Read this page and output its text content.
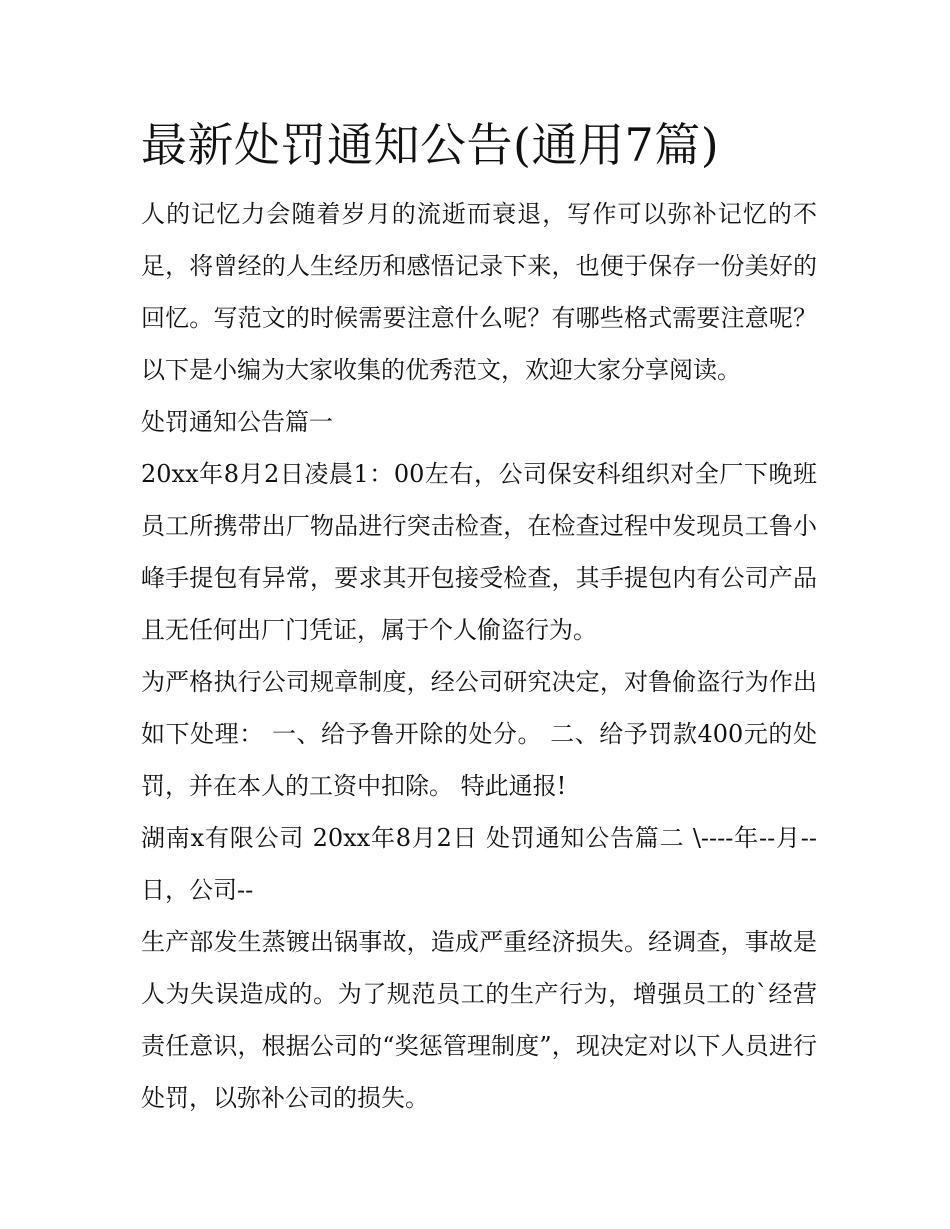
最新处罚通知公告(通用7篇)

人的记忆力会随着岁月的流逝而衰退，写作可以弥补记忆的不足，将曾经的人生经历和感悟记录下来，也便于保存一份美好的回忆。写范文的时候需要注意什么呢？有哪些格式需要注意呢？以下是小编为大家收集的优秀范文，欢迎大家分享阅读。

处罚通知公告篇一

20xx年8月2日凌晨1：00左右，公司保安科组织对全厂下晚班员工所携带出厂物品进行突击检查，在检查过程中发现员工鲁小峰手提包有异常，要求其开包接受检查，其手提包内有公司产品且无任何出厂门凭证，属于个人偷盗行为。

为严格执行公司规章制度，经公司研究决定，对鲁偷盗行为作出如下处理： 一、给予鲁开除的处分。 二、给予罚款400元的处罚，并在本人的工资中扣除。 特此通报!

湖南x有限公司 20xx年8月2日 处罚通知公告篇二 \----年--月--日，公司--

生产部发生蒸镀出锅事故，造成严重经济损失。经调查，事故是人为失误造成的。为了规范员工的生产行为，增强员工的`经营责任意识，根据公司的“奖惩管理制度”，现决定对以下人员进行处罚，以弥补公司的损失。
